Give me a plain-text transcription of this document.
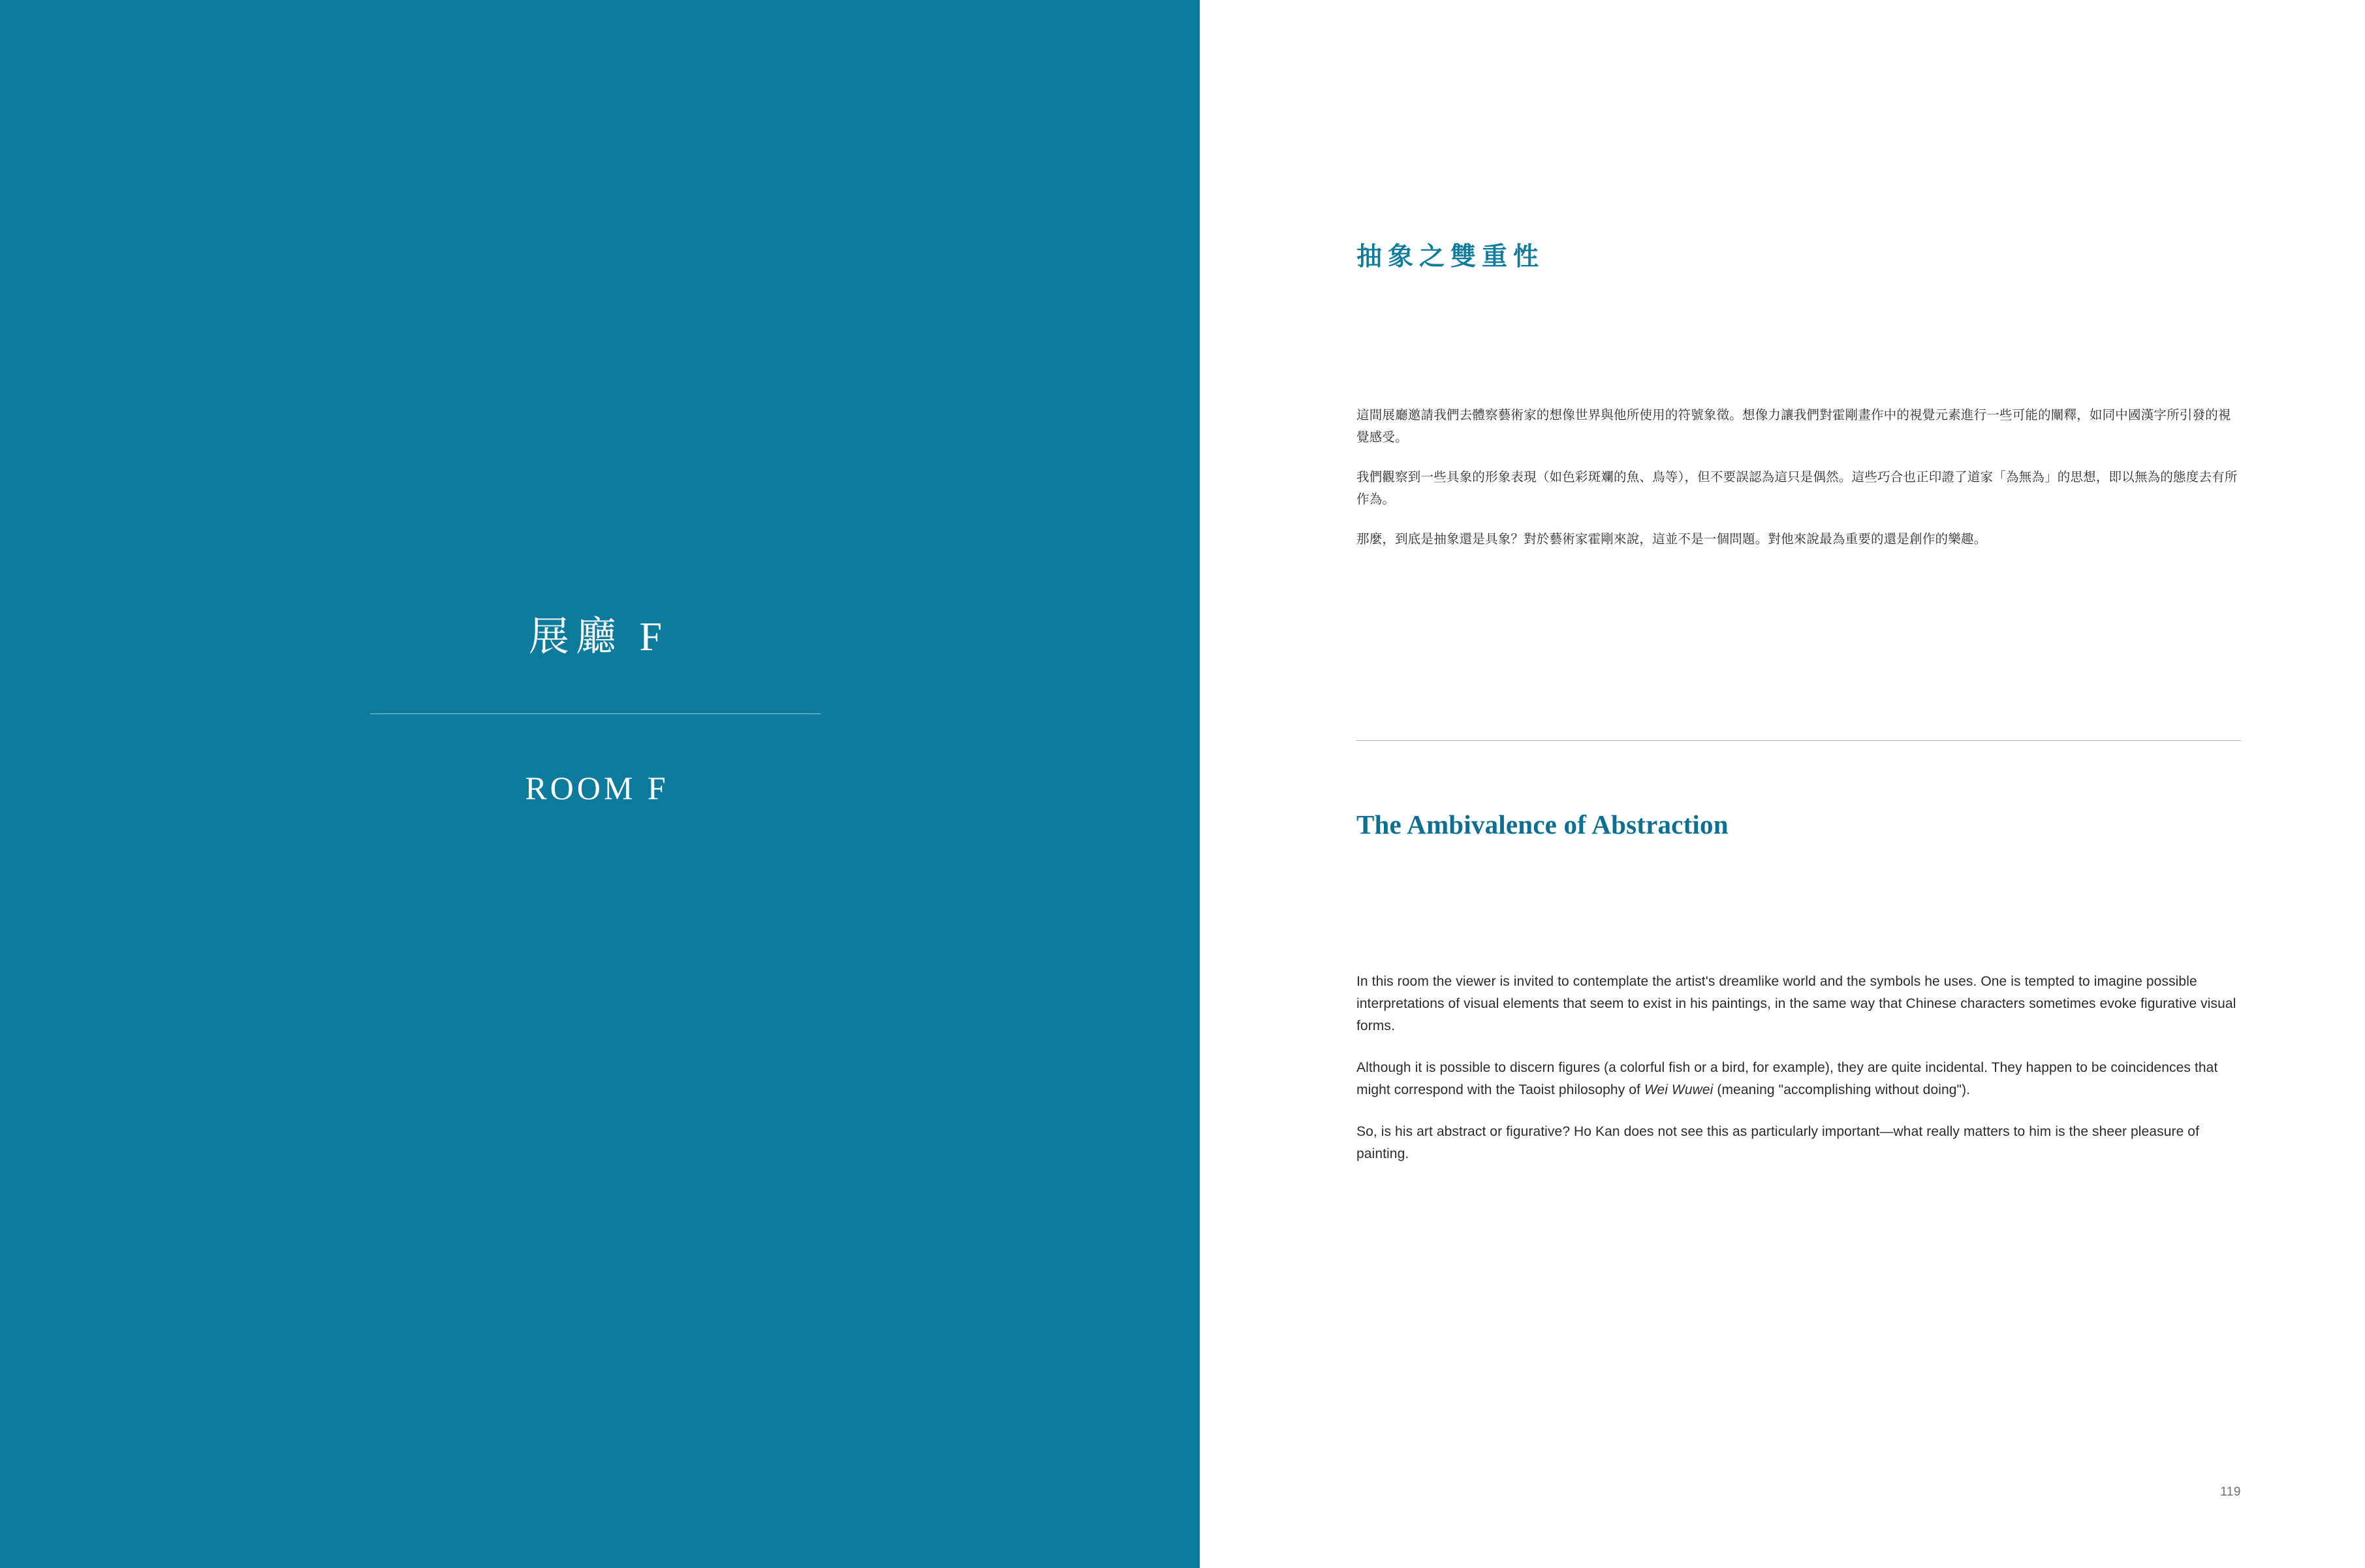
展廳 F
ROOM F
抽象之雙重性

這間展廳邀請我們去體察藝術家的想像世界與他所使用的符號象徵。想像力讓我們對霍剛畫作中的視覺元素進行一些可能的闡釋，如同中國漢字所引發的視覺感受。

我們觀察到一些具象的形象表現（如色彩斑斕的魚、鳥等），但不要誤認為這只是偶然。這些巧合也正印證了道家「為無為」的思想，即以無為的態度去有所作為。

那麼，到底是抽象還是具象？對於藝術家霍剛來說，這並不是一個問題。對他來說最為重要的還是創作的樂趣。

The Ambivalence of Abstraction

In this room the viewer is invited to contemplate the artist's dreamlike world and the symbols he uses. One is tempted to imagine possible interpretations of visual elements that seem to exist in his paintings, in the same way that Chinese characters sometimes evoke figurative visual forms.

Although it is possible to discern figures (a colorful fish or a bird, for example), they are quite incidental. They happen to be coincidences that might correspond with the Taoist philosophy of Wei Wuwei (meaning "accomplishing without doing").

So, is his art abstract or figurative? Ho Kan does not see this as particularly important—what really matters to him is the sheer pleasure of painting.

119
